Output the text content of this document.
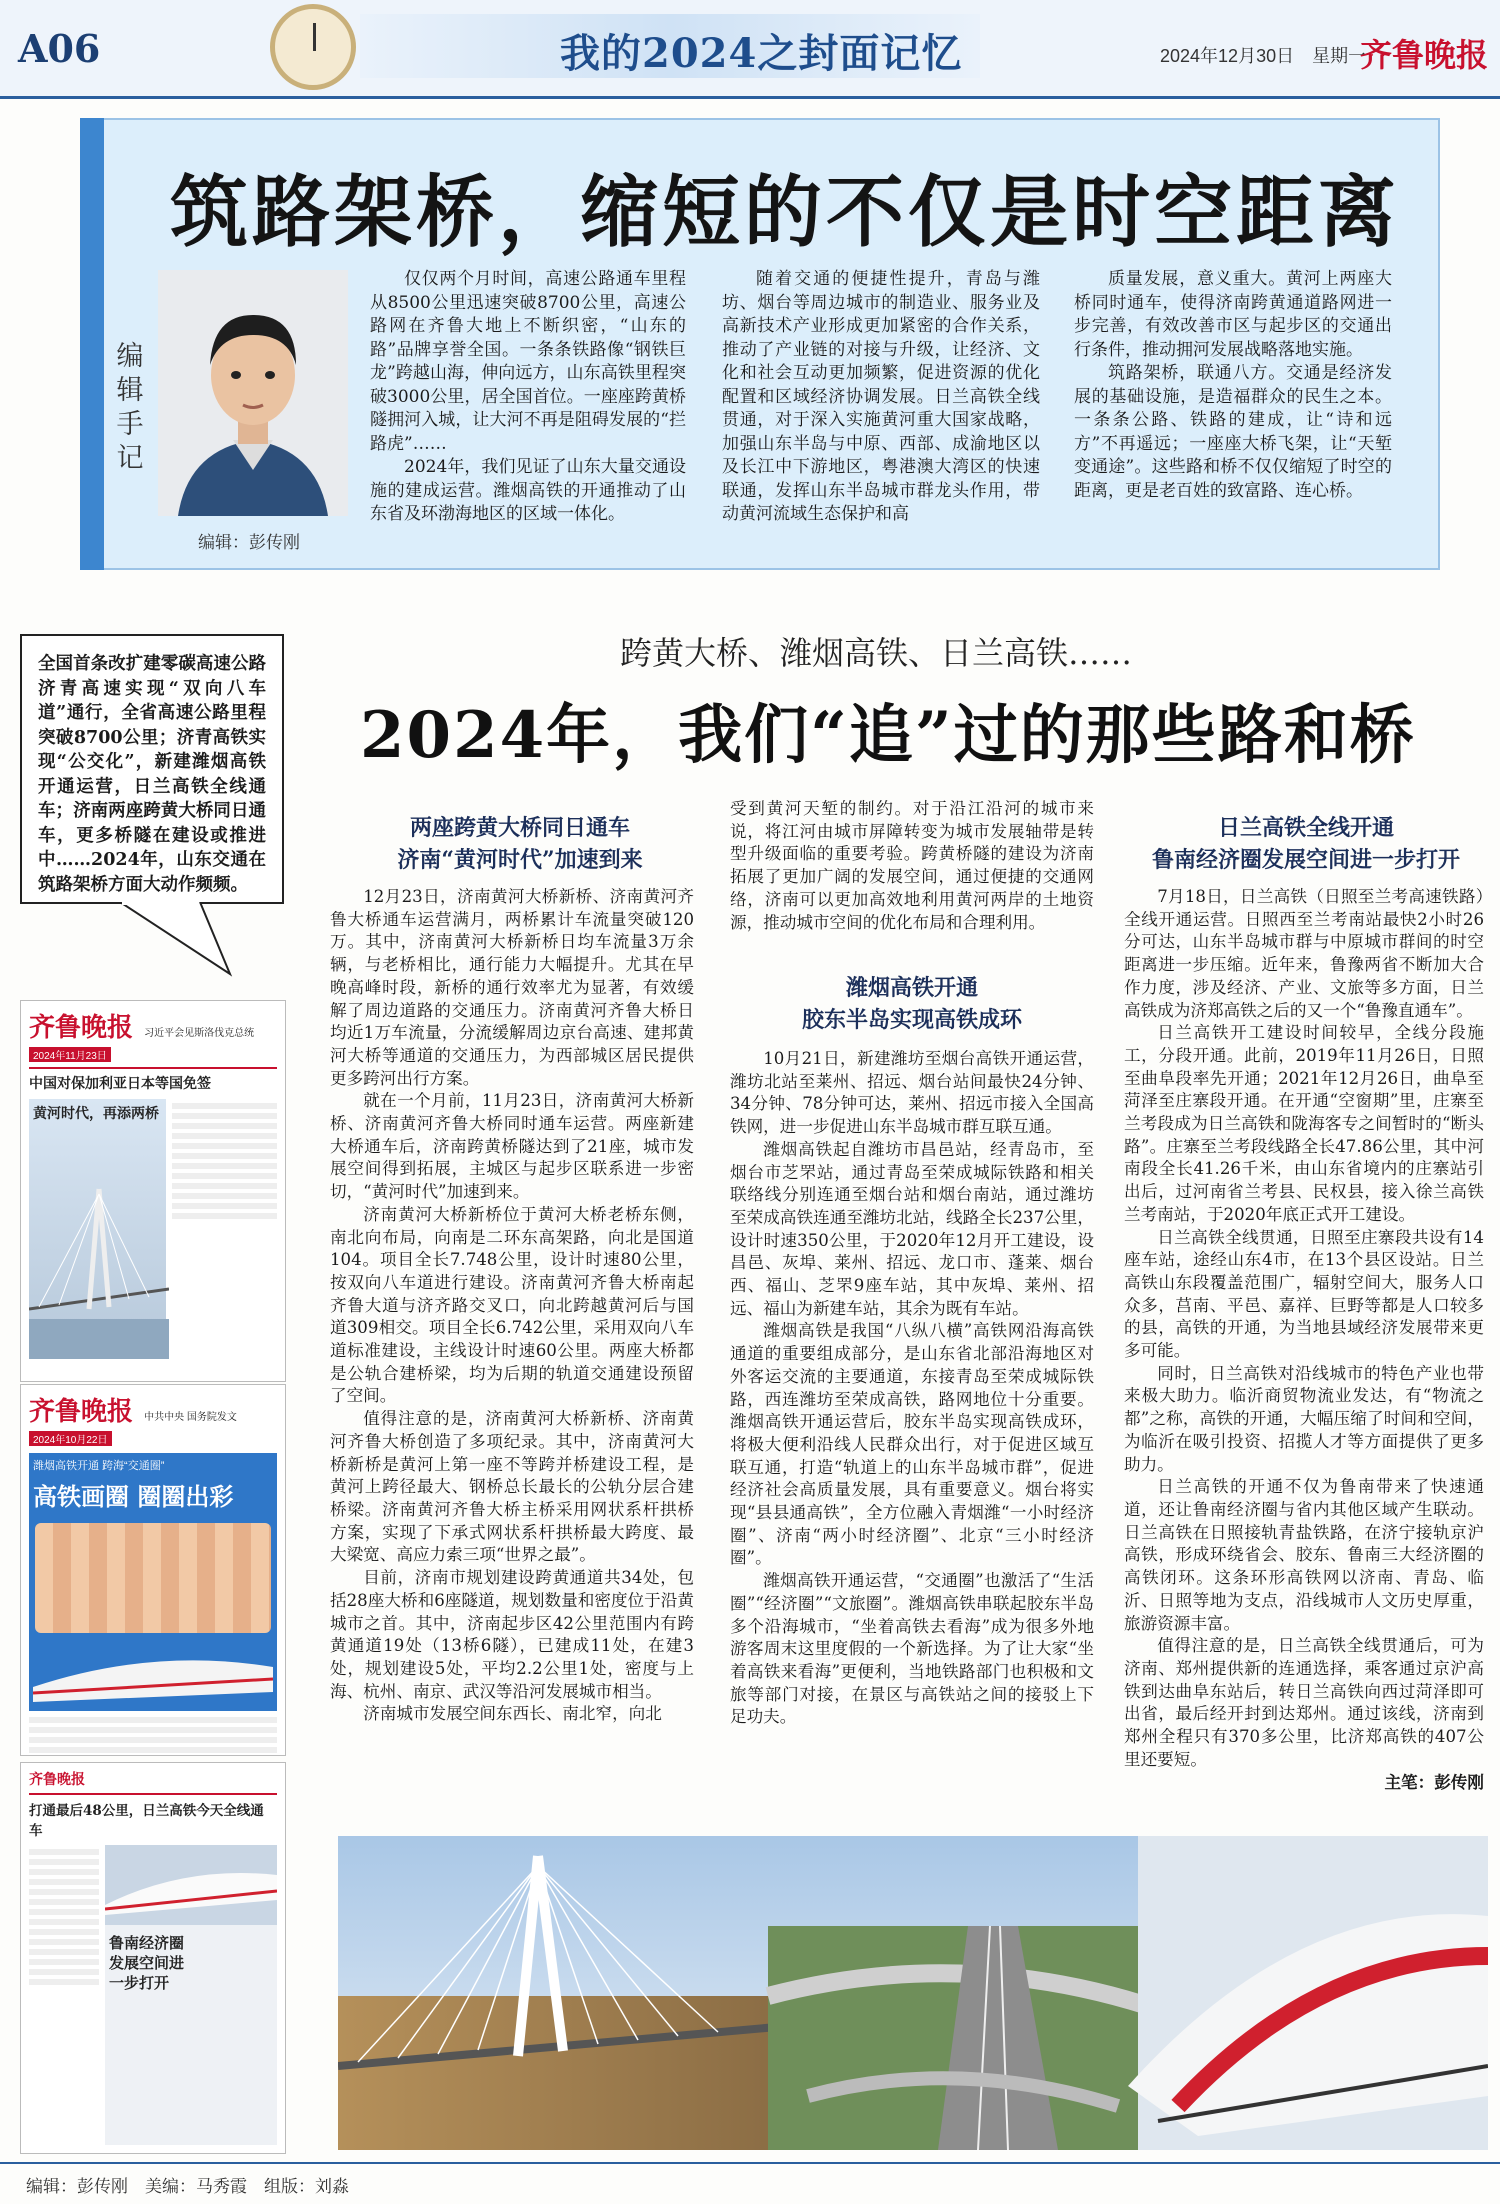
A06	我的2024之封面记忆	2024年12月30日　星期一
齐鲁晚报
筑路架桥，缩短的不仅是时空距离
编辑手记
编辑：彭传刚

仅仅两个月时间，高速公路通车里程从8500公里迅速突破8700公里，高速公路网在齐鲁大地上不断织密，“山东的路”品牌享誉全国。一条条铁路像“钢铁巨龙”跨越山海，伸向远方，山东高铁里程突破3000公里，居全国首位。一座座跨黄桥隧拥河入城，让大河不再是阻碍发展的“拦路虎”……

2024年，我们见证了山东大量交通设施的建成运营。潍烟高铁的开通推动了山东省及环渤海地区的区域一体化。

随着交通的便捷性提升，青岛与潍坊、烟台等周边城市的制造业、服务业及高新技术产业形成更加紧密的合作关系，推动了产业链的对接与升级，让经济、文化和社会互动更加频繁，促进资源的优化配置和区域经济协调发展。日兰高铁全线贯通，对于深入实施黄河重大国家战略，加强山东半岛与中原、西部、成渝地区以及长江中下游地区，粤港澳大湾区的快速联通，发挥山东半岛城市群龙头作用，带动黄河流域生态保护和高

质量发展，意义重大。黄河上两座大桥同时通车，使得济南跨黄通道路网进一步完善，有效改善市区与起步区的交通出行条件，推动拥河发展战略落地实施。

筑路架桥，联通八方。交通是经济发展的基础设施，是造福群众的民生之本。一条条公路、铁路的建成，让“诗和远方”不再遥远；一座座大桥飞架，让“天堑变通途”。这些路和桥不仅仅缩短了时空的距离，更是老百姓的致富路、连心桥。

全国首条改扩建零碳高速公路济青高速实现“双向八车道”通行，全省高速公路里程突破8700公里；济青高铁实现“公交化”，新建潍烟高铁开通运营，日兰高铁全线通车；济南两座跨黄大桥同日通车，更多桥隧在建设或推进中……2024年，山东交通在筑路架桥方面大动作频频。
跨黄大桥、潍烟高铁、日兰高铁……
2024年，我们“追”过的那些路和桥
两座跨黄大桥同日通车
济南“黄河时代”加速到来

12月23日，济南黄河大桥新桥、济南黄河齐鲁大桥通车运营满月，两桥累计车流量突破120万。其中，济南黄河大桥新桥日均车流量3万余辆，与老桥相比，通行能力大幅提升。尤其在早晚高峰时段，新桥的通行效率尤为显著，有效缓解了周边道路的交通压力。济南黄河齐鲁大桥日均近1万车流量，分流缓解周边京台高速、建邦黄河大桥等通道的交通压力，为西部城区居民提供更多跨河出行方案。

就在一个月前，11月23日，济南黄河大桥新桥、济南黄河齐鲁大桥同时通车运营。两座新建大桥通车后，济南跨黄桥隧达到了21座，城市发展空间得到拓展，主城区与起步区联系进一步密切，“黄河时代”加速到来。

济南黄河大桥新桥位于黄河大桥老桥东侧，南北向布局，向南是二环东高架路，向北是国道104。项目全长7.748公里，设计时速80公里，按双向八车道进行建设。济南黄河齐鲁大桥南起齐鲁大道与济齐路交叉口，向北跨越黄河后与国道309相交。项目全长6.742公里，采用双向八车道标准建设，主线设计时速60公里。两座大桥都是公轨合建桥梁，均为后期的轨道交通建设预留了空间。

值得注意的是，济南黄河大桥新桥、济南黄河齐鲁大桥创造了多项纪录。其中，济南黄河大桥新桥是黄河上第一座不等跨并桥建设工程，是黄河上跨径最大、钢桥总长最长的公轨分层合建桥梁。济南黄河齐鲁大桥主桥采用网状系杆拱桥方案，实现了下承式网状系杆拱桥最大跨度、最大梁宽、高应力索三项“世界之最”。

目前，济南市规划建设跨黄通道共34处，包括28座大桥和6座隧道，规划数量和密度位于沿黄城市之首。其中，济南起步区42公里范围内有跨黄通道19处（13桥6隧），已建成11处，在建3处，规划建设5处，平均2.2公里1处，密度与上海、杭州、南京、武汉等沿河发展城市相当。

济南城市发展空间东西长、南北窄，向北

受到黄河天堑的制约。对于沿江沿河的城市来说，将江河由城市屏障转变为城市发展轴带是转型升级面临的重要考验。跨黄桥隧的建设为济南拓展了更加广阔的发展空间，通过便捷的交通网络，济南可以更加高效地利用黄河两岸的土地资源，推动城市空间的优化布局和合理利用。

潍烟高铁开通
胶东半岛实现高铁成环

10月21日，新建潍坊至烟台高铁开通运营，潍坊北站至莱州、招远、烟台站间最快24分钟、34分钟、78分钟可达，莱州、招远市接入全国高铁网，进一步促进山东半岛城市群互联互通。

潍烟高铁起自潍坊市昌邑站，经青岛市，至烟台市芝罘站，通过青岛至荣成城际铁路和相关联络线分别连通至烟台站和烟台南站，通过潍坊至荣成高铁连通至潍坊北站，线路全长237公里，设计时速350公里，于2020年12月开工建设，设昌邑、灰埠、莱州、招远、龙口市、蓬莱、烟台西、福山、芝罘9座车站，其中灰埠、莱州、招远、福山为新建车站，其余为既有车站。

潍烟高铁是我国“八纵八横”高铁网沿海高铁通道的重要组成部分，是山东省北部沿海地区对外客运交流的主要通道，东接青岛至荣成城际铁路，西连潍坊至荣成高铁，路网地位十分重要。潍烟高铁开通运营后，胶东半岛实现高铁成环，将极大便利沿线人民群众出行，对于促进区域互联互通，打造“轨道上的山东半岛城市群”，促进经济社会高质量发展，具有重要意义。烟台将实现“县县通高铁”，全方位融入青烟潍“一小时经济圈”、济南“两小时经济圈”、北京“三小时经济圈”。

潍烟高铁开通运营，“交通圈”也激活了“生活圈”“经济圈”“文旅圈”。潍烟高铁串联起胶东半岛多个沿海城市，“坐着高铁去看海”成为很多外地游客周末这里度假的一个新选择。为了让大家“坐着高铁来看海”更便利，当地铁路部门也积极和文旅等部门对接，在景区与高铁站之间的接驳上下足功夫。

日兰高铁全线开通
鲁南经济圈发展空间进一步打开

7月18日，日兰高铁（日照至兰考高速铁路）全线开通运营。日照西至兰考南站最快2小时26分可达，山东半岛城市群与中原城市群间的时空距离进一步压缩。近年来，鲁豫两省不断加大合作力度，涉及经济、产业、文旅等多方面，日兰高铁成为济郑高铁之后的又一个“鲁豫直通车”。

日兰高铁开工建设时间较早，全线分段施工，分段开通。此前，2019年11月26日，日照至曲阜段率先开通；2021年12月26日，曲阜至菏泽至庄寨段开通。在开通“空窗期”里，庄寨至兰考段成为日兰高铁和陇海客专之间暂时的“断头路”。庄寨至兰考段线路全长47.86公里，其中河南段全长41.26千米，由山东省境内的庄寨站引出后，过河南省兰考县、民权县，接入徐兰高铁兰考南站，于2020年底正式开工建设。

日兰高铁全线贯通，日照至庄寨段共设有14座车站，途经山东4市，在13个县区设站。日兰高铁山东段覆盖范围广，辐射空间大，服务人口众多，莒南、平邑、嘉祥、巨野等都是人口较多的县，高铁的开通，为当地县域经济发展带来更多可能。

同时，日兰高铁对沿线城市的特色产业也带来极大助力。临沂商贸物流业发达，有“物流之都”之称，高铁的开通，大幅压缩了时间和空间，为临沂在吸引投资、招揽人才等方面提供了更多助力。

日兰高铁的开通不仅为鲁南带来了快速通道，还让鲁南经济圈与省内其他区域产生联动。日兰高铁在日照接轨青盐铁路，在济宁接轨京沪高铁，形成环绕省会、胶东、鲁南三大经济圈的高铁闭环。这条环形高铁网以济南、青岛、临沂、日照等地为支点，沿线城市人文历史厚重，旅游资源丰富。

值得注意的是，日兰高铁全线贯通后，可为济南、郑州提供新的连通选择，乘客通过京沪高铁到达曲阜东站后，转日兰高铁向西过菏泽即可出省，最后经开封到达郑州。通过该线，济南到郑州全程只有370多公里，比济郑高铁的407公里还要短。

主笔：彭传刚

齐鲁晚报 习近平会见斯洛伐克总统 2024年11月23日
中国对保加利亚日本等国免签
黄河时代，再添两桥
齐鲁晚报 中共中央 国务院发文 2024年10月22日
潍烟高铁开通 跨海“交通圈”
高铁画圈 圈圈出彩
齐鲁晚报
打通最后48公里，日兰高铁今天全线通车
鲁南经济圈发展空间进一步打开
编辑：彭传刚　美编：马秀霞　组版：刘淼
